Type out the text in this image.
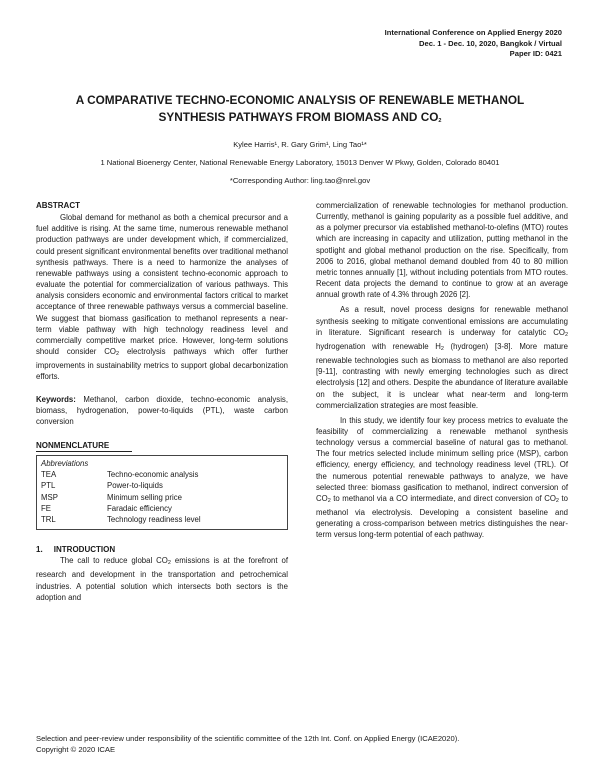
International Conference on Applied Energy 2020
Dec. 1 - Dec. 10, 2020, Bangkok / Virtual
Paper ID: 0421
A COMPARATIVE TECHNO-ECONOMIC ANALYSIS OF RENEWABLE METHANOL
SYNTHESIS PATHWAYS FROM BIOMASS AND $CO_2$
Kylee Harris¹, R. Gary Grim¹, Ling Tao¹*
1 National Bioenergy Center, National Renewable Energy Laboratory, 15013 Denver W Pkwy, Golden, Colorado 80401
*Corresponding Author: ling.tao@nrel.gov
ABSTRACT

Global demand for methanol as both a chemical precursor and a fuel additive is rising. At the same time, numerous renewable methanol production pathways are under development which, if commercialized, could present significant environmental benefits over traditional methanol synthesis pathways. There is a need to harmonize the analyses of renewable pathways using a consistent techno-economic approach to evaluate the potential for commercialization of various pathways. This analysis considers economic and environmental factors critical to market acceptance of three renewable pathways versus a commercial baseline. We suggest that biomass gasification to methanol represents a near-term viable pathway with high technology readiness level and commercially competitive market price. However, long-term solutions should consider $CO_2$ electrolysis pathways which offer further improvements in sustainability metrics to support global decarbonization efforts.

Keywords: Methanol, carbon dioxide, techno-economic analysis, biomass, hydrogenation, power-to-liquids (PTL), waste carbon conversion

NONMENCLATURE
Abbreviations
TEA	Techno-economic analysis
PTL	Power-to-liquids
MSP	Minimum selling price
FE	Faradaic efficiency
TRL	Technology readiness level
1.     INTRODUCTION

The call to reduce global $CO_2$ emissions is at the forefront of research and development in the transportation and petrochemical industries. A potential solution which intersects both sectors is the adoption and

commercialization of renewable technologies for methanol production. Currently, methanol is gaining popularity as a possible fuel additive, and as a polymer precursor via established methanol-to-olefins (MTO) routes which are increasing in capacity and utilization, putting methanol in the spotlight and global methanol production on the rise. Specifically, from 2006 to 2016, global methanol demand doubled from 40 to 80 million metric tonnes annually [1], without including potentials from MTO routes. Recent data projects the demand to continue to grow at an average annual growth rate of 4.3% through 2026 [2].

As a result, novel process designs for renewable methanol synthesis seeking to mitigate conventional emissions are accumulating in literature. Significant research is underway for catalytic $CO_2$ hydrogenation with renewable $H_2$ (hydrogen) [3-8]. More mature renewable technologies such as biomass to methanol are also reported [9-11], contrasting with newly emerging technologies such as direct electrolysis [12] and others. Despite the abundance of literature available on the subject, it is unclear what near-term and long-term commercialization strategies are most feasible.

In this study, we identify four key process metrics to evaluate the feasibility of commercializing a renewable methanol synthesis technology versus a commercial baseline of natural gas to methanol. The four metrics selected include minimum selling price (MSP), carbon efficiency, energy efficiency, and technology readiness level (TRL). Of the numerous potential renewable pathways to analyze, we have selected three: biomass gasification to methanol, indirect conversion of $CO_2$ to methanol via a CO intermediate, and direct conversion of $CO_2$ to methanol via electrolysis. Developing a consistent baseline and generating a cross-comparison between metrics distinguishes the near-term versus long-term potential of each pathway.

Selection and peer-review under responsibility of the scientific committee of the 12th Int. Conf. on Applied Energy (ICAE2020).
Copyright © 2020 ICAE
